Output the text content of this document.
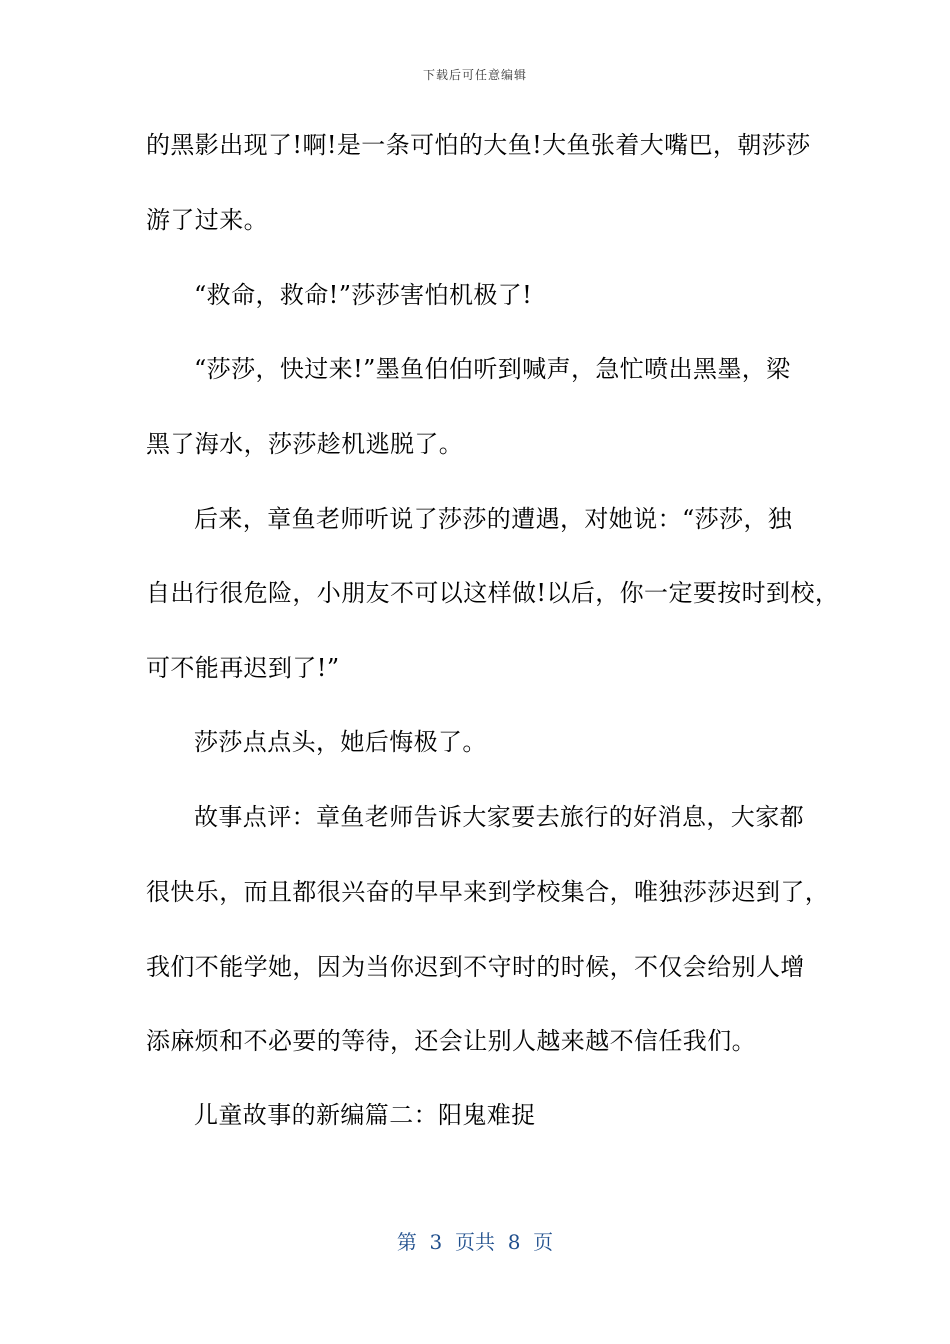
下载后可任意编辑
的黑影出现了!啊!是一条可怕的大鱼!大鱼张着大嘴巴，朝莎莎
游了过来。
“救命，救命!”莎莎害怕机极了!
“莎莎，快过来!”墨鱼伯伯听到喊声，急忙喷出黑墨，梁
黑了海水，莎莎趁机逃脱了。
后来，章鱼老师听说了莎莎的遭遇，对她说：“莎莎，独
自出行很危险，小朋友不可以这样做!以后，你一定要按时到校，
可不能再迟到了!”
莎莎点点头，她后悔极了。
故事点评：章鱼老师告诉大家要去旅行的好消息，大家都
很快乐，而且都很兴奋的早早来到学校集合，唯独莎莎迟到了，
我们不能学她，因为当你迟到不守时的时候，不仅会给别人增
添麻烦和不必要的等待，还会让别人越来越不信任我们。
儿童故事的新编篇二：阳鬼难捉
第  3  页共  8  页
